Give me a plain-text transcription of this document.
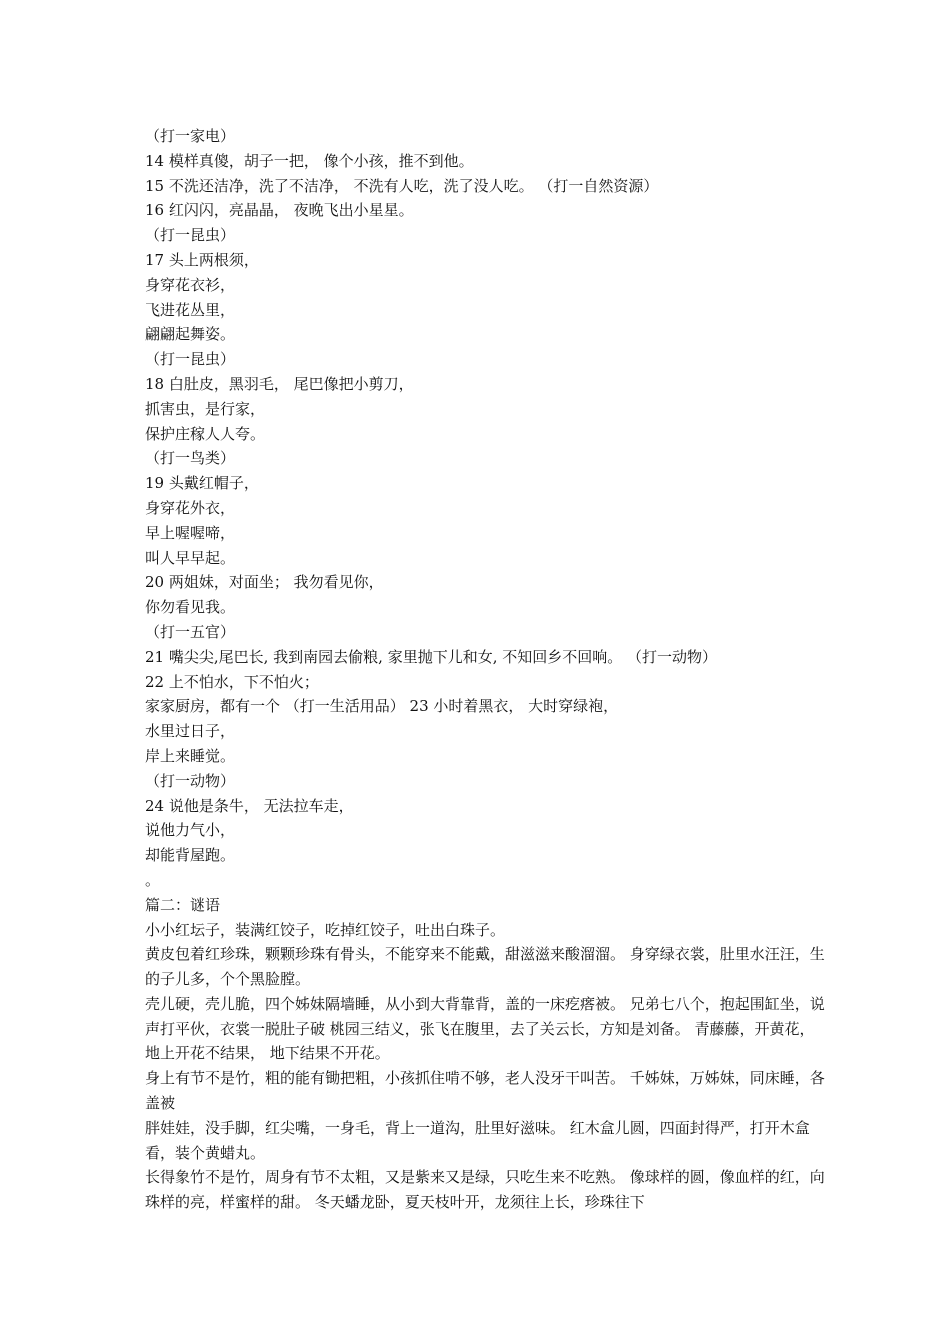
（打一家电）
14 模样真傻，胡子一把， 像个小孩，推不到他。
15 不洗还洁净，洗了不洁净， 不洗有人吃，洗了没人吃。 （打一自然资源）
16 红闪闪，亮晶晶， 夜晚飞出小星星。
（打一昆虫）
17 头上两根须，
身穿花衣衫，
飞进花丛里，
翩翩起舞姿。
（打一昆虫）
18 白肚皮，黑羽毛， 尾巴像把小剪刀，
抓害虫，是行家，
保护庄稼人人夸。
（打一鸟类）
19 头戴红帽子，
身穿花外衣，
早上喔喔啼，
叫人早早起。
20 两姐妹，对面坐； 我勿看见你，
你勿看见我。
（打一五官）
21 嘴尖尖,尾巴长, 我到南园去偷粮, 家里抛下儿和女, 不知回乡不回响。 （打一动物）
22 上不怕水，下不怕火；
家家厨房，都有一个 （打一生活用品） 23 小时着黑衣， 大时穿绿袍，
水里过日子，
岸上来睡觉。
（打一动物）
24 说他是条牛， 无法拉车走，
说他力气小，
却能背屋跑。
。
篇二：谜语
小小红坛子，装满红饺子，吃掉红饺子，吐出白珠子。
黄皮包着红珍珠，颗颗珍珠有骨头，不能穿来不能戴，甜滋滋来酸溜溜。 身穿绿衣裳，肚里水汪汪，生的子儿多，个个黑脸膛。
壳儿硬，壳儿脆，四个姊妹隔墙睡，从小到大背靠背，盖的一床疙瘩被。 兄弟七八个，抱起围缸坐，说声打平伙，衣裳一脱肚子破 桃园三结义，张飞在腹里，去了关云长，方知是刘备。 青藤藤，开黄花，地上开花不结果， 地下结果不开花。
身上有节不是竹，粗的能有锄把粗，小孩抓住啃不够，老人没牙干叫苦。 千姊妹，万姊妹，同床睡，各盖被
胖娃娃，没手脚，红尖嘴，一身毛，背上一道沟，肚里好滋味。 红木盒儿圆，四面封得严，打开木盒看，装个黄蜡丸。
长得象竹不是竹，周身有节不太粗，又是紫来又是绿，只吃生来不吃熟。 像球样的圆，像血样的红，向珠样的亮，样蜜样的甜。 冬天蟠龙卧，夏天枝叶开，龙须往上长，珍珠往下
